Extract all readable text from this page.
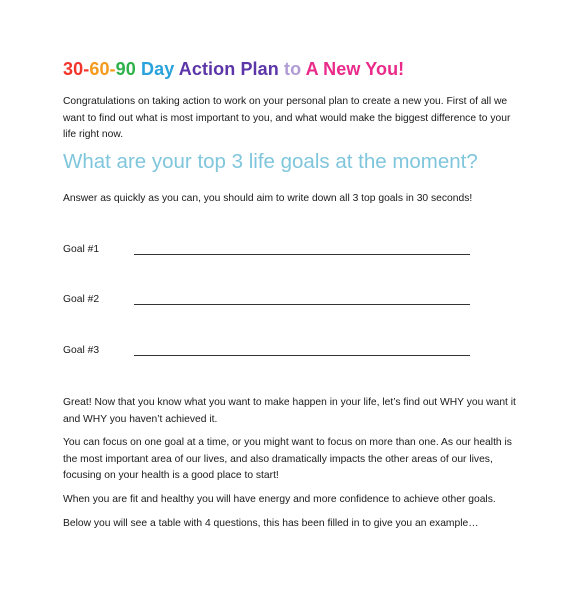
30-60-90 Day Action Plan to A New You!

Congratulations on taking action to work on your personal plan to create a new you. First of all we want to find out what is most important to you, and what would make the biggest difference to your life right now.

What are your top 3 life goals at the moment?

Answer as quickly as you can, you should aim to write down all 3 top goals in 30 seconds!

Goal #1
Goal #2
Goal #3

Great! Now that you know what you want to make happen in your life, let’s find out WHY you want it and WHY you haven’t achieved it.

You can focus on one goal at a time, or you might want to focus on more than one. As our health is the most important area of our lives, and also dramatically impacts the other areas of our lives, focusing on your health is a good place to start!

When you are fit and healthy you will have energy and more confidence to achieve other goals.

Below you will see a table with 4 questions, this has been filled in to give you an example…
